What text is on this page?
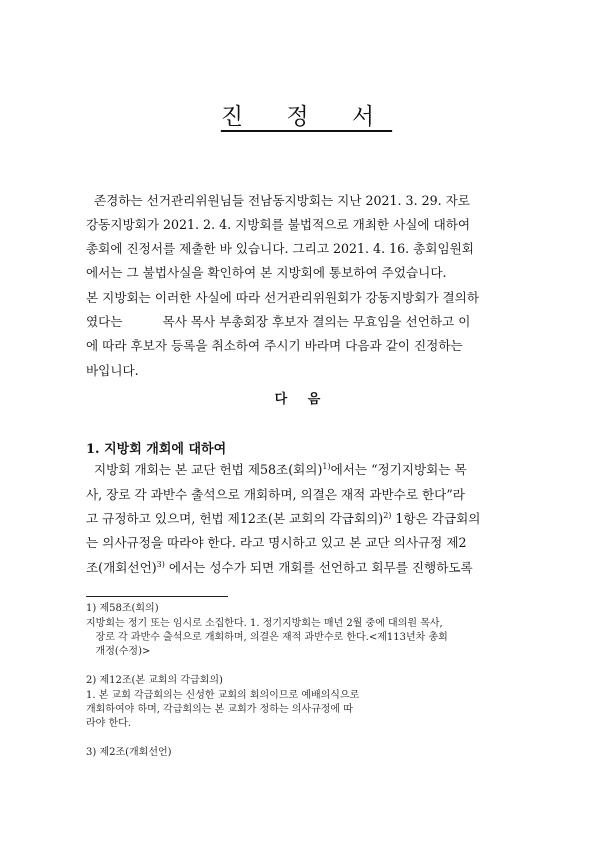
진 정 서
존경하는 선거관리위원님들 전남동지방회는 지난 2021. 3. 29. 자로
강동지방회가 2021. 2. 4. 지방회를 불법적으로 개최한 사실에 대하여
총회에 진정서를 제출한 바 있습니다. 그리고 2021. 4. 16. 총회임원회
에서는 그 불법사실을 확인하여 본 지방회에 통보하여 주었습니다.
본 지방회는 이러한 사실에 따라 선거관리위원회가 강동지방회가 결의하
였다는          목사 목사 부총회장 후보자 결의는 무효임을 선언하고 이
에 따라 후보자 등록을 취소하여 주시기 바라며 다음과 같이 진정하는
바입니다.
다 음
1. 지방회 개회에 대하여
지방회 개회는 본 교단 헌법 제58조(회의)$^{1)}$에서는 “정기지방회는 목
사, 장로 각 과반수 출석으로 개회하며, 의결은 재적 과반수로 한다”라
고 규정하고 있으며, 헌법 제12조(본 교회의 각급회의)$^{2)}$ 1항은 각급회의
는 의사규정을 따라야 한다. 라고 명시하고 있고 본 교단 의사규정 제2
조(개회선언)$^{3)}$ 에서는 성수가 되면 개회를 선언하고 회무를 진행하도록
1) 제58조(회의)
지방회는 정기 또는 임시로 소집한다. 1. 정기지방회는 매년 2월 중에 대의원 목사,
장로 각 과반수 출석으로 개회하며, 의결은 재적 과반수로 한다.<제113년차 총회
개정(수정)>
2) 제12조(본 교회의 각급회의)
1. 본 교회 각급회의는 신성한 교회의 회의이므로 예배의식으로
개회하여야 하며, 각급회의는 본 교회가 정하는 의사규정에 따
라야 한다.
3) 제2조(개회선언)
